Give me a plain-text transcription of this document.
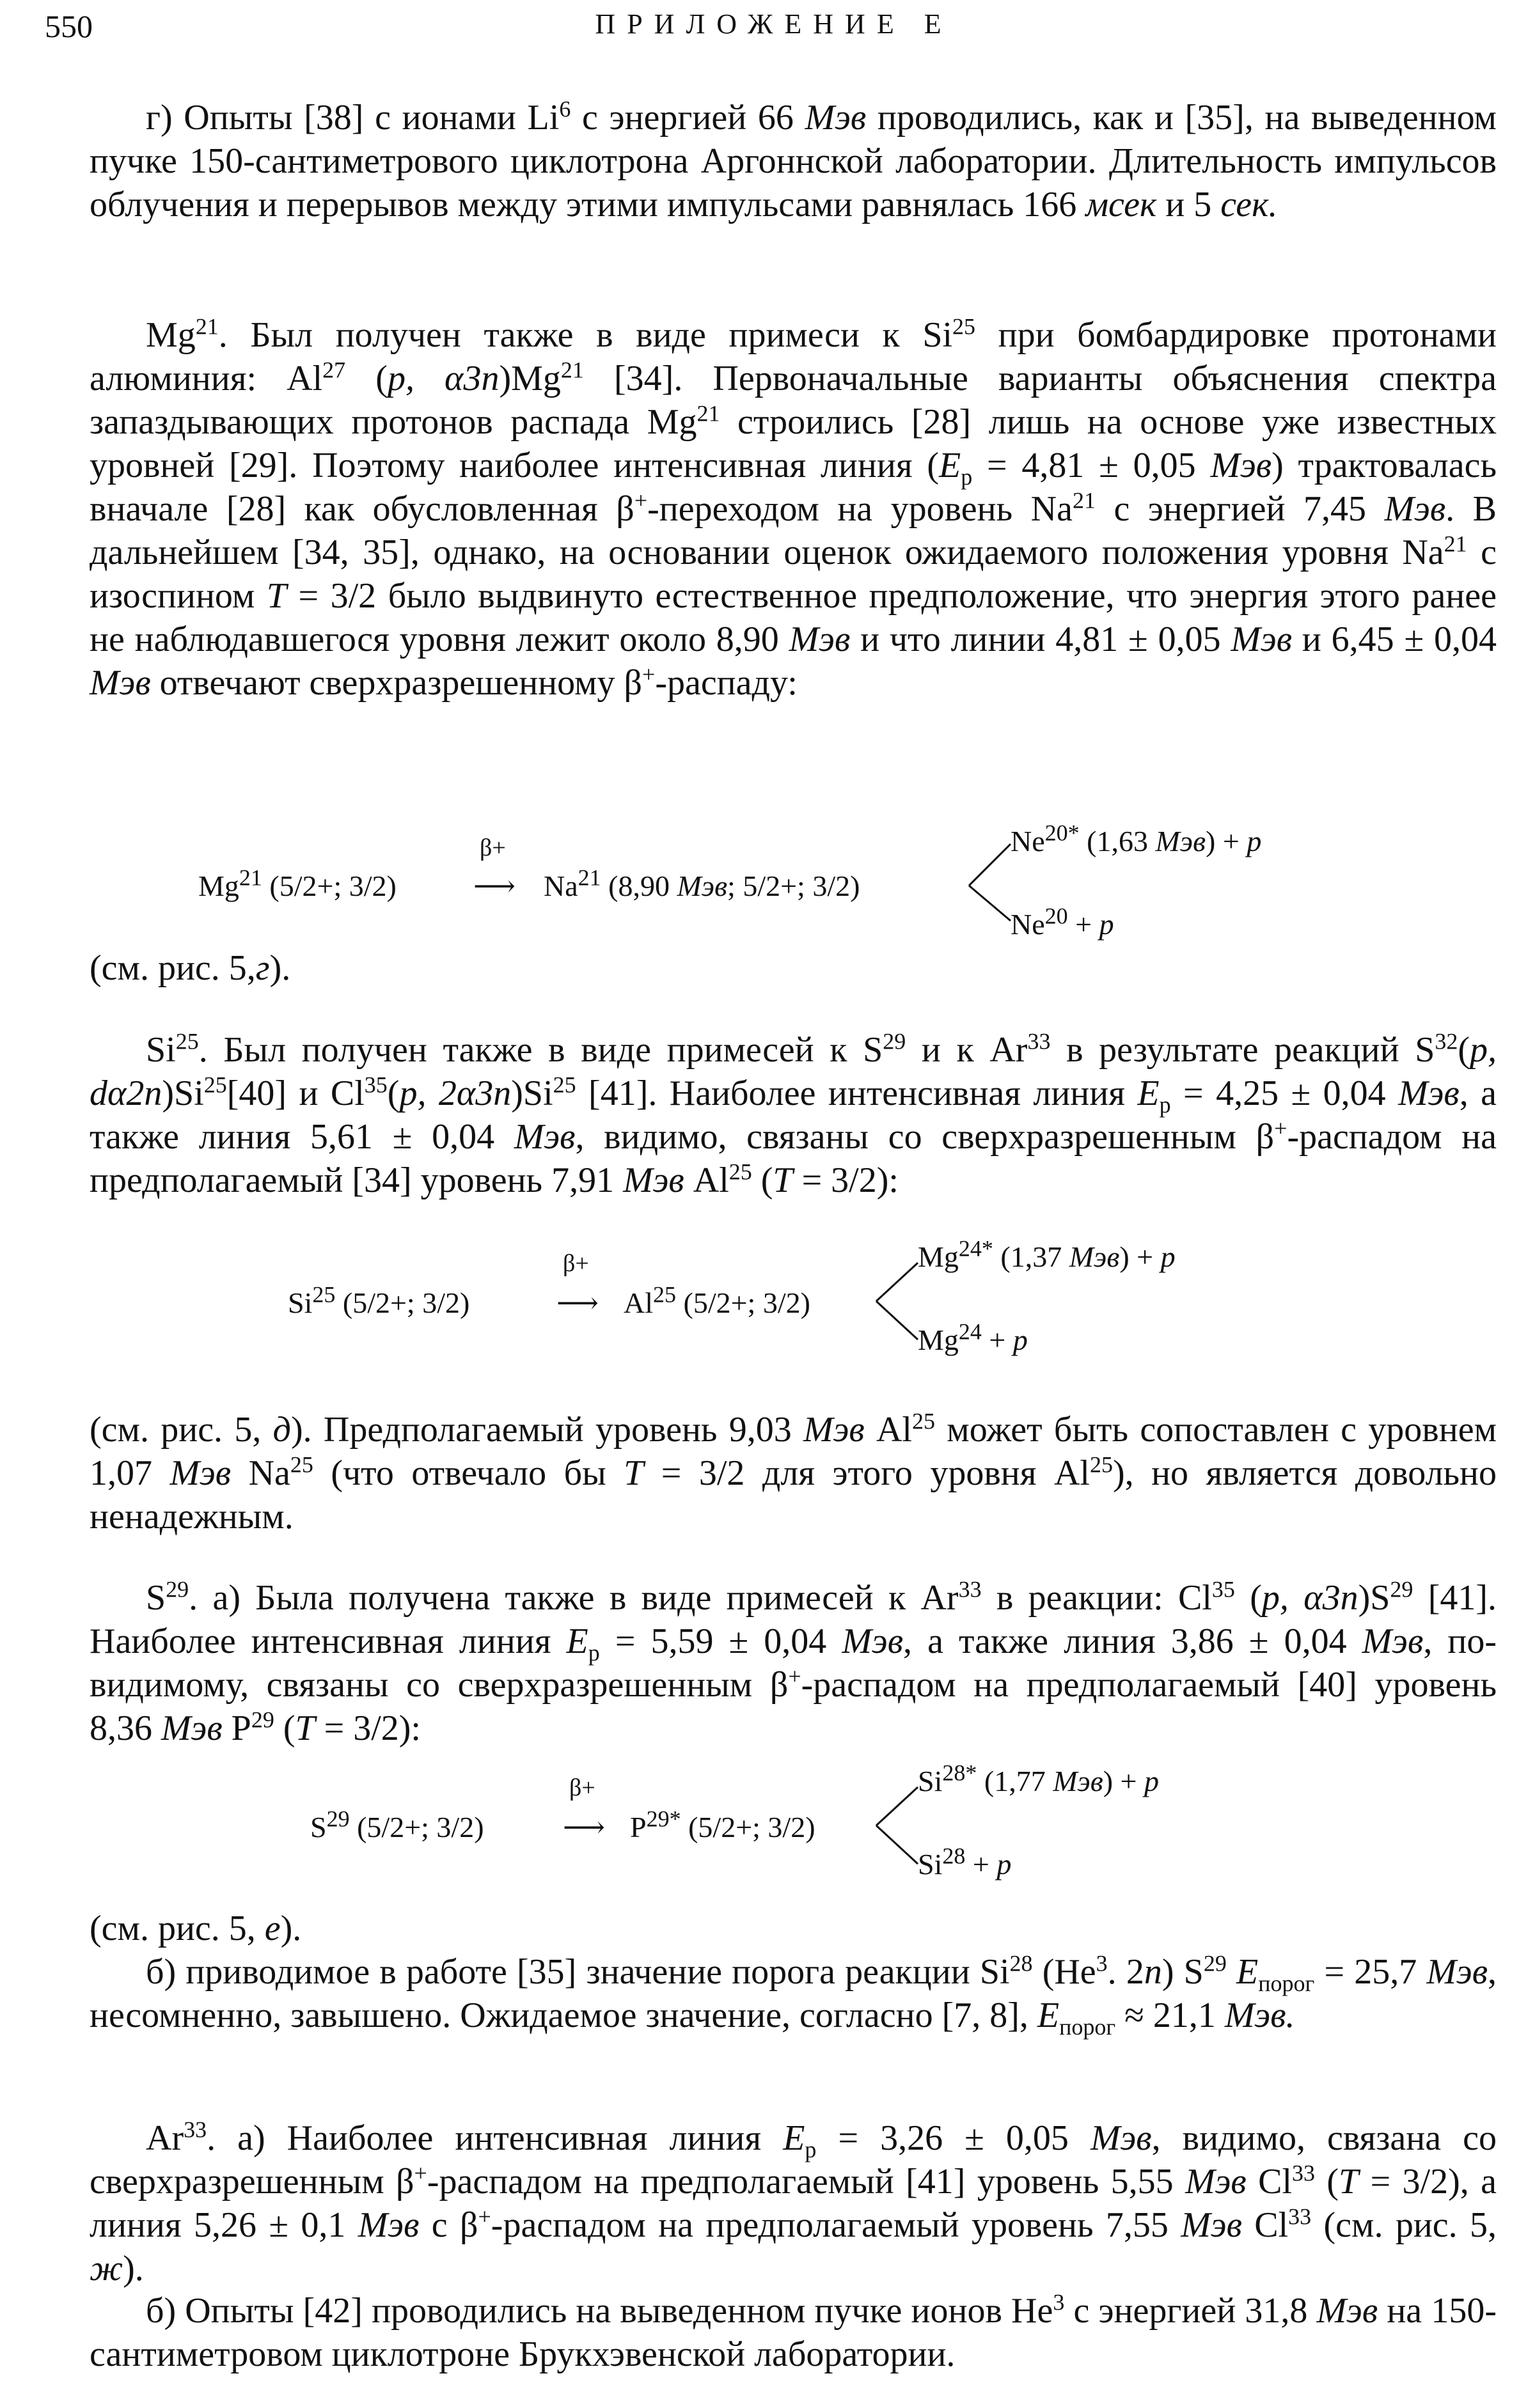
550	ПРИЛОЖЕНИЕ Е
г) Опыты [38] с ионами Li$^6$ с энергией 66 Мэв проводились, как и [35], на выведенном пучке 150-сантиметрового циклотрона Аргоннской лаборатории. Длительность импульсов облучения и перерывов между этими импульсами равнялась 166 мсек и 5 сек.
Mg$^{21}$. Был получен также в виде примеси к Si$^{25}$ при бомбардировке протонами алюминия: Al$^{27}$ (p, α3n)Mg$^{21}$ [34]. Первоначальные варианты объяснения спектра запаздывающих протонов распада Mg$^{21}$ строились [28] лишь на основе уже известных уровней [29]. Поэтому наиболее интенсивная линия ($E_p = 4,81 \pm 0,05$ Мэв) трактовалась вначале [28] как обусловленная β+-переходом на уровень Na$^{21}$ с энергией 7,45 Мэв. В дальнейшем [34, 35], однако, на основании оценок ожидаемого положения уровня Na$^{21}$ с изоспином T = 3/2 было выдвинуто естественное предположение, что энергия этого ранее не наблюдавшегося уровня лежит около 8,90 Мэв и что линии 4,81 ± 0,05 Мэв и 6,45 ± 0,04 Мэв отвечают сверхразрешенному β+-распаду:
β+
$Mg^{21}$ (5/2+; 3/2)	⟶ Na$^{21}$ (8,90 Мэв; 5/2+; 3/2)
$Ne^{20*}$ (1,63 Мэв) + p
$Ne^{20} + p$
(см. рис. 5,г).
Si$^{25}$. Был получен также в виде примесей к $S^{29}$ и к Ar$^{33}$ в результате реакций $S^{32}(p$, dα2n)Si$^{25}$[40] и Cl$^{35}$(p, 2α3n)Si$^{25}$ [41]. Наиболее интенсивная линия $E_p = 4,25 \pm 0,04$ Мэв, а также линия 5,61 ± 0,04 Мэв, видимо, связаны со сверхразрешенным β+-распадом на предполагаемый [34] уровень 7,91 Мэв Al$^{25}$ (T = 3/2):
β+
$Si^{25}$ (5/2+; 3/2)	⟶ Al$^{25}$ (5/2+; 3/2)
$Mg^{24*}$ (1,37 Мэв) + p
$Mg^{24} + p$
(см. рис. 5, д). Предполагаемый уровень 9,03 Мэв Al$^{25}$ может быть сопоставлен с уровнем 1,07 Мэв Na$^{25}$ (что отвечало бы T = 3/2 для этого уровня Al$^{25}$), но является довольно ненадежным.
$S^{29}$. а) Была получена также в виде примесей к Ar$^{33}$ в реакции: Cl$^{35}$ (p, $\alpha 3n)S^{29}$ [41]. Наиболее интенсивная линия $E_p = 5,59 \pm 0,04$ Мэв, а также линия 3,86 ± 0,04 Мэв, по-видимому, связаны со сверхразрешенным β+-распадом на предполагаемый [40] уровень 8,36 Мэв $P^{29}$ (T = 3/2):
β+
$S^{29}$ (5/2+; 3/2)	⟶ $P^{29*}$ (5/2+; 3/2)
$Si^{28*}$ (1,77 Мэв) + p
$Si^{28} + p$
(см. рис. 5, е).
б) приводимое в работе [35] значение порога реакции Si$^{28}$ (He$^3$. 2n) $S^{29}$ $E_{порог} = 25,7$ Мэв, несомненно, завышено. Ожидаемое значение, согласно [7, 8], $E_{порог} \approx 21,1$ Мэв.
Ar$^{33}$. а) Наиболее интенсивная линия $E_p = 3,26 \pm 0,05$ Мэв, видимо, связана со сверхразрешенным β+-распадом на предполагаемый [41] уровень 5,55 Мэв Cl$^{33}$ (T = 3/2), а линия 5,26 ± 0,1 Мэв с β+-распадом на предполагаемый уровень 7,55 Мэв Cl$^{33}$ (см. рис. 5, ж).
б) Опыты [42] проводились на выведенном пучке ионов He$^3$ с энергией 31,8 Мэв на 150-сантиметровом циклотроне Брукхэвенской лаборатории.
